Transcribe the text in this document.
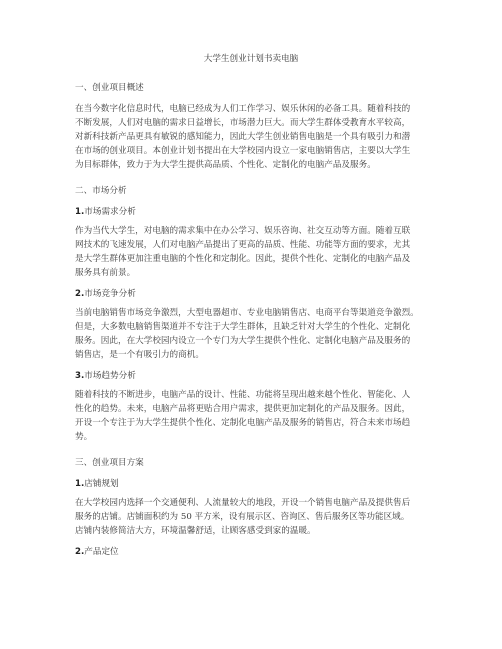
大学生创业计划书卖电脑
一、创业项目概述
在当今数字化信息时代，电脑已经成为人们工作学习、娱乐休闲的必备工具。随着科技的
不断发展，人们对电脑的需求日益增长，市场潜力巨大。而大学生群体受教育水平较高，
对新科技新产品更具有敏锐的感知能力，因此大学生创业销售电脑是一个具有吸引力和潜
在市场的创业项目。本创业计划书提出在大学校园内设立一家电脑销售店，主要以大学生
为目标群体，致力于为大学生提供高品质、个性化、定制化的电脑产品及服务。
二、市场分析
1.市场需求分析
作为当代大学生，对电脑的需求集中在办公学习、娱乐咨询、社交互动等方面。随着互联
网技术的飞速发展，人们对电脑产品提出了更高的品质、性能、功能等方面的要求，尤其
是大学生群体更加注重电脑的个性化和定制化。因此，提供个性化、定制化的电脑产品及
服务具有前景。
2.市场竞争分析
当前电脑销售市场竞争激烈，大型电器超市、专业电脑销售店、电商平台等渠道竞争激烈。
但是，大多数电脑销售渠道并不专注于大学生群体，且缺乏针对大学生的个性化、定制化
服务。因此，在大学校园内设立一个专门为大学生提供个性化、定制化电脑产品及服务的
销售店，是一个有吸引力的商机。
3.市场趋势分析
随着科技的不断进步，电脑产品的设计、性能、功能将呈现出越来越个性化、智能化、人
性化的趋势。未来，电脑产品将更贴合用户需求，提供更加定制化的产品及服务。因此，
开设一个专注于为大学生提供个性化、定制化电脑产品及服务的销售店，符合未来市场趋
势。
三、创业项目方案
1.店铺规划
在大学校园内选择一个交通便利、人流量较大的地段，开设一个销售电脑产品及提供售后
服务的店铺。店铺面积约为 50 平方米，设有展示区、咨询区、售后服务区等功能区域。
店铺内装修简洁大方，环境温馨舒适，让顾客感受到家的温暖。
2.产品定位
